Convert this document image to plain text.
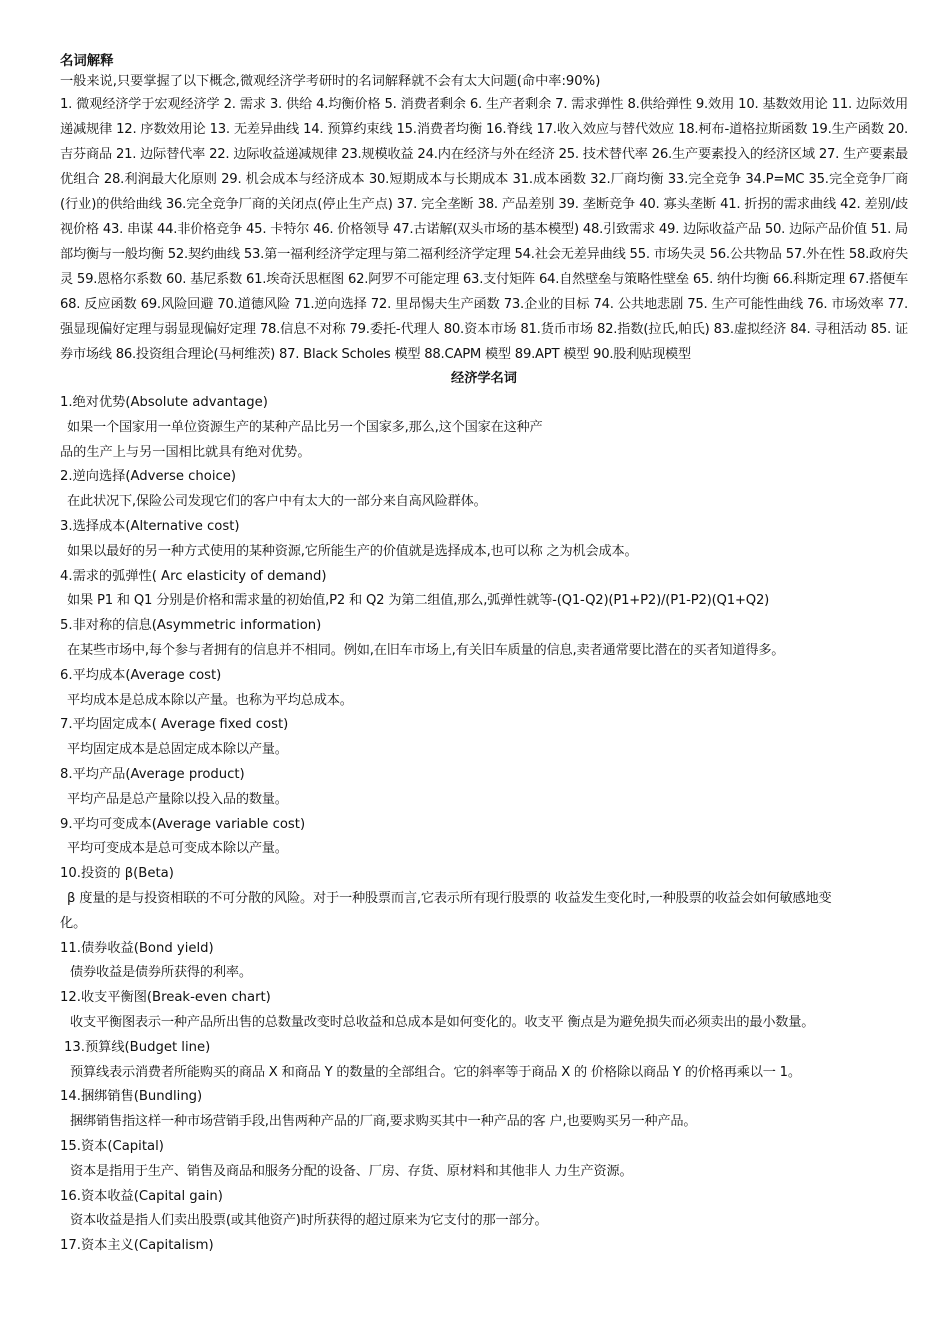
名词解释

一般来说,只要掌握了以下概念,微观经济学考研时的名词解释就不会有太大问题(命中率:90%)

1. 微观经济学于宏观经济学 2. 需求 3. 供给 4.均衡价格 5. 消费者剩余 6. 生产者剩余 7. 需求弹性 8.供给弹性 9.效用 10. 基数效用论 11. 边际效用递减规律 12. 序数效用论 13. 无差异曲线 14. 预算约束线 15.消费者均衡 16.脊线 17.收入效应与替代效应 18.柯布-道格拉斯函数 19.生产函数 20.吉芬商品 21. 边际替代率 22. 边际收益递减规律 23.规模收益 24.内在经济与外在经济 25. 技术替代率 26.生产要素投入的经济区域 27. 生产要素最优组合 28.利润最大化原则 29. 机会成本与经济成本 30.短期成本与长期成本 31.成本函数 32.厂商均衡 33.完全竞争 34.P=MC 35.完全竞争厂商(行业)的供给曲线 36.完全竞争厂商的关闭点(停止生产点) 37. 完全垄断 38. 产品差别 39. 垄断竞争 40. 寡头垄断 41. 折拐的需求曲线 42. 差别/歧视价格 43. 串谋 44.非价格竞争 45. 卡特尔 46. 价格领导 47.古诺解(双头市场的基本模型) 48.引致需求 49. 边际收益产品 50. 边际产品价值 51. 局部均衡与一般均衡 52.契约曲线 53.第一福利经济学定理与第二福利经济学定理 54.社会无差异曲线 55. 市场失灵 56.公共物品 57.外在性 58.政府失灵 59.恩格尔系数 60. 基尼系数 61.埃奇沃思框图 62.阿罗不可能定理 63.支付矩阵 64.自然壁垒与策略性壁垒 65. 纳什均衡 66.科斯定理 67.搭便车 68. 反应函数 69.风险回避 70.道德风险 71.逆向选择 72. 里昂惕夫生产函数 73.企业的目标 74. 公共地悲剧 75. 生产可能性曲线 76. 市场效率 77.强显现偏好定理与弱显现偏好定理 78.信息不对称 79.委托-代理人 80.资本市场 81.货币市场 82.指数(拉氏,帕氏) 83.虚拟经济 84. 寻租活动 85. 证券市场线 86.投资组合理论(马柯维茨) 87. Black Scholes 模型 88.CAPM 模型 89.APT 模型 90.股利贴现模型

经济学名词

1.绝对优势(Absolute advantage)

如果一个国家用一单位资源生产的某种产品比另一个国家多,那么,这个国家在这种产

品的生产上与另一国相比就具有绝对优势。

2.逆向选择(Adverse choice)

在此状况下,保险公司发现它们的客户中有太大的一部分来自高风险群体。

3.选择成本(Alternative cost)

如果以最好的另一种方式使用的某种资源,它所能生产的价值就是选择成本,也可以称 之为机会成本。

4.需求的弧弹性( Arc elasticity of demand)

如果 P1 和 Q1 分别是价格和需求量的初始值,P2 和 Q2 为第二组值,那么,弧弹性就等-(Q1-Q2)(P1+P2)/(P1-P2)(Q1+Q2)

5.非对称的信息(Asymmetric information)

在某些市场中,每个参与者拥有的信息并不相同。例如,在旧车市场上,有关旧车质量的信息,卖者通常要比潜在的买者知道得多。

6.平均成本(Average cost)

平均成本是总成本除以产量。也称为平均总成本。

7.平均固定成本( Average fixed cost)

平均固定成本是总固定成本除以产量。

8.平均产品(Average product)

平均产品是总产量除以投入品的数量。

9.平均可变成本(Average variable cost)

平均可变成本是总可变成本除以产量。

10.投资的 β(Beta)

β 度量的是与投资相联的不可分散的风险。对于一种股票而言,它表示所有现行股票的 收益发生变化时,一种股票的收益会如何敏感地变

化。

11.债券收益(Bond yield)

债券收益是债券所获得的利率。

12.收支平衡图(Break-even chart)

收支平衡图表示一种产品所出售的总数量改变时总收益和总成本是如何变化的。收支平 衡点是为避免损失而必须卖出的最小数量。

13.预算线(Budget line)

预算线表示消费者所能购买的商品 X 和商品 Y 的数量的全部组合。它的斜率等于商品 X 的 价格除以商品 Y 的价格再乘以一 1。

14.捆绑销售(Bundling)

捆绑销售指这样一种市场营销手段,出售两种产品的厂商,要求购买其中一种产品的客 户,也要购买另一种产品。

15.资本(Capital)

资本是指用于生产、销售及商品和服务分配的设备、厂房、存货、原材料和其他非人 力生产资源。

16.资本收益(Capital gain)

资本收益是指人们卖出股票(或其他资产)时所获得的超过原来为它支付的那一部分。

17.资本主义(Capitalism)
